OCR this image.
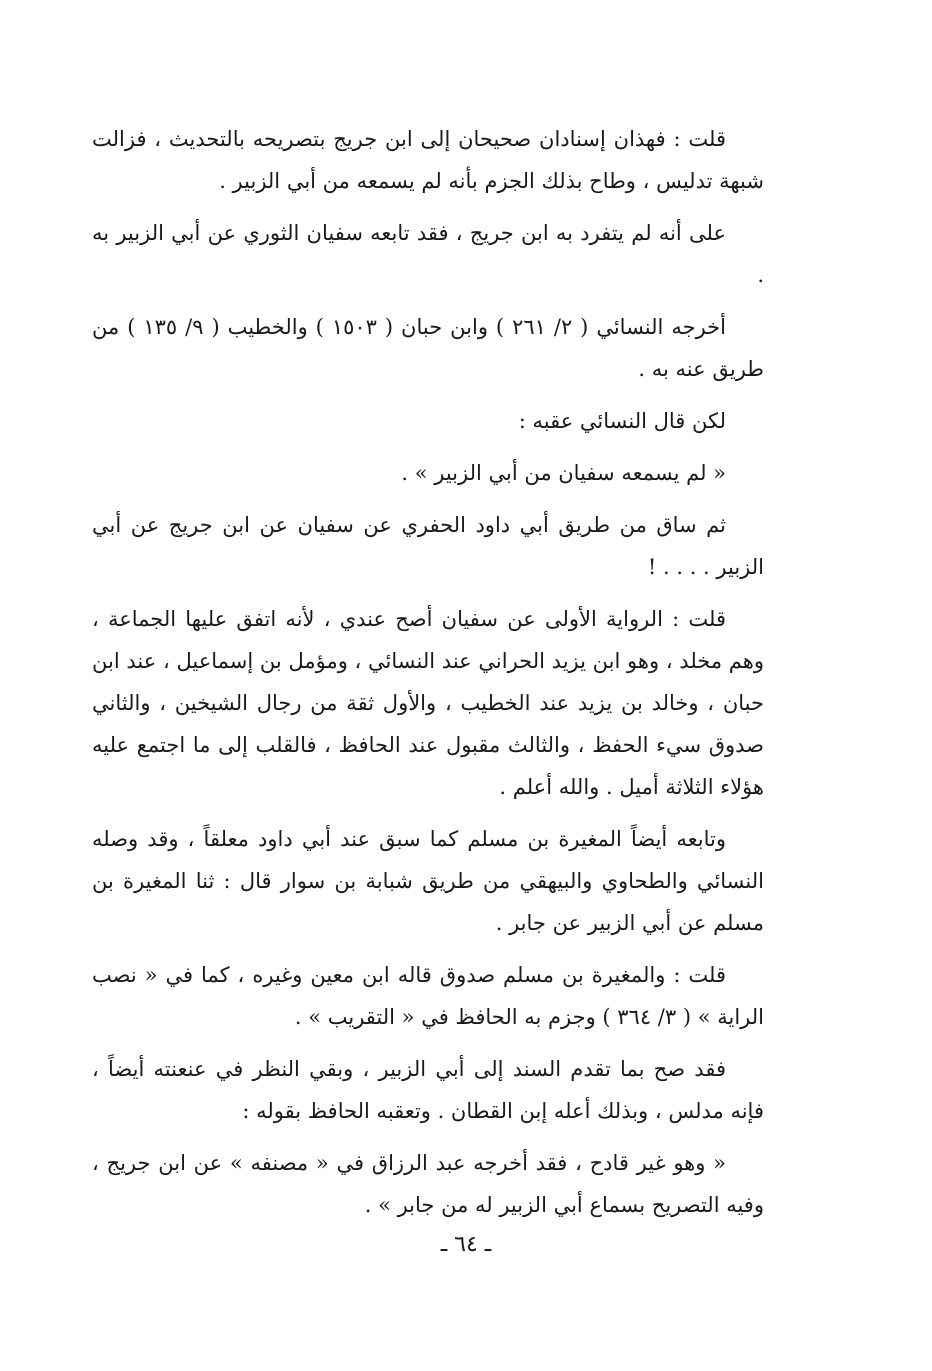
قلت : فهذان إسنادان صحيحان إلى ابن جريج بتصريحه بالتحديث ، فزالت شبهة تدليس ، وطاح بذلك الجزم بأنه لم يسمعه من أبي الزبير .

على أنه لم يتفرد به ابن جريج ، فقد تابعه سفيان الثوري عن أبي الزبير به .

أخرجه النسائي ( ٢/ ٢٦١ ) وابن حبان ( ١٥٠٣ ) والخطيب ( ٩/ ١٣٥ ) من طريق عنه به .

لكن قال النسائي عقبه :

« لم يسمعه سفيان من أبي الزبير » .

ثم ساق من طريق أبي داود الحفري عن سفيان عن ابن جريج عن أبي الزبير . . . . !

قلت : الرواية الأولى عن سفيان أصح عندي ، لأنه اتفق عليها الجماعة ، وهم مخلد ، وهو ابن يزيد الحراني عند النسائي ، ومؤمل بن إسماعيل ، عند ابن حبان ، وخالد بن يزيد عند الخطيب ، والأول ثقة من رجال الشيخين ، والثاني صدوق سيء الحفظ ، والثالث مقبول عند الحافظ ، فالقلب إلى ما اجتمع عليه هؤلاء الثلاثة أميل . والله أعلم .

وتابعه أيضاً المغيرة بن مسلم كما سبق عند أبي داود معلقاً ، وقد وصله النسائي والطحاوي والبيهقي من طريق شبابة بن سوار قال : ثنا المغيرة بن مسلم عن أبي الزبير عن جابر .

قلت : والمغيرة بن مسلم صدوق قاله ابن معين وغيره ، كما في « نصب الراية » ( ٣/ ٣٦٤ ) وجزم به الحافظ في « التقريب » .

فقد صح بما تقدم السند إلى أبي الزبير ، وبقي النظر في عنعنته أيضاً ، فإنه مدلس ، وبذلك أعله إبن القطان . وتعقبه الحافظ بقوله :

« وهو غير قادح ، فقد أخرجه عبد الرزاق في « مصنفه » عن ابن جريج ، وفيه التصريح بسماع أبي الزبير له من جابر » .

ـ ٦٤ ـ
